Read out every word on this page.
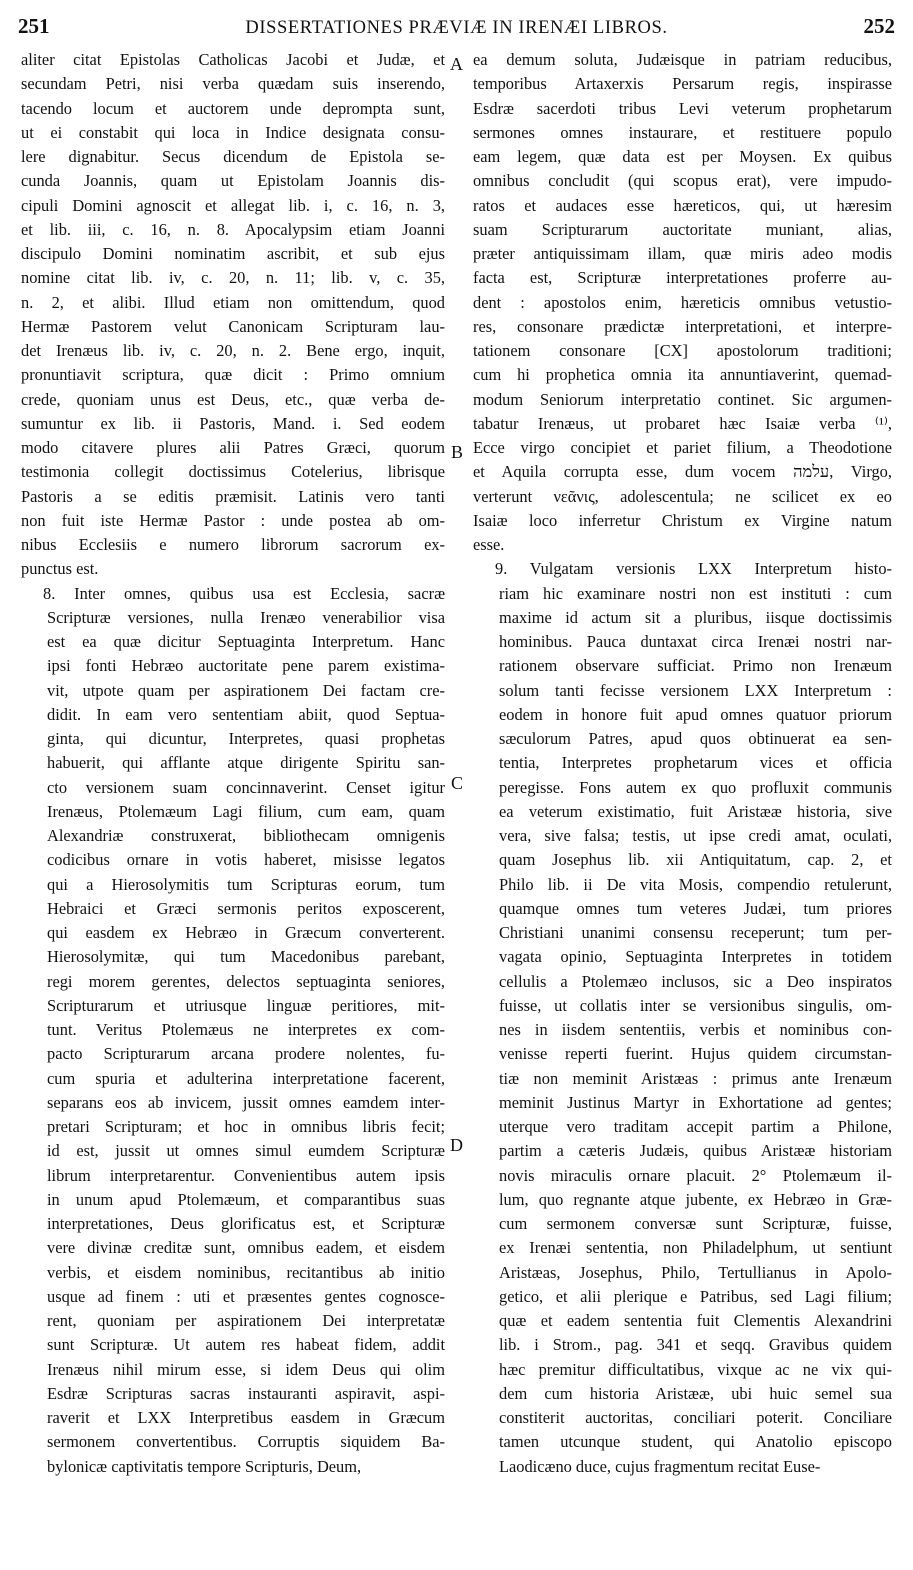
251	DISSERTATIONES PRÆVIÆ IN IRENÆI LIBROS.	252
A
B
C
D

aliter citat Epistolas Catholicas Jacobi et Judæ, et
secundam Petri, nisi verba quædam suis inserendo,
tacendo locum et auctorem unde deprompta sunt,
ut ei constabit qui loca in Indice designata consu-
lere dignabitur. Secus dicendum de Epistola se-
cunda Joannis, quam ut Epistolam Joannis dis-
cipuli Domini agnoscit et allegat lib. i, c. 16, n. 3,
et lib. iii, c. 16, n. 8. Apocalypsim etiam Joanni
discipulo Domini nominatim ascribit, et sub ejus
nomine citat lib. iv, c. 20, n. 11; lib. v, c. 35,
n. 2, et alibi. Illud etiam non omittendum, quod
Hermæ Pastorem velut Canonicam Scripturam lau-
det Irenæus lib. iv, c. 20, n. 2. Bene ergo, inquit,
pronuntiavit scriptura, quæ dicit : Primo omnium
crede, quoniam unus est Deus, etc., quæ verba de-
sumuntur ex lib. ii Pastoris, Mand. i. Sed eodem
modo citavere plures alii Patres Græci, quorum
testimonia collegit doctissimus Cotelerius, librisque
Pastoris a se editis præmisit. Latinis vero tanti
non fuit iste Hermæ Pastor : unde postea ab om-
nibus Ecclesiis e numero librorum sacrorum ex-
punctus est.

8. Inter omnes, quibus usa est Ecclesia, sacræ
Scripturæ versiones, nulla Irenæo venerabilior visa
est ea quæ dicitur Septuaginta Interpretum. Hanc
ipsi fonti Hebræo auctoritate pene parem existima-
vit, utpote quam per aspirationem Dei factam cre-
didit. In eam vero sententiam abiit, quod Septua-
ginta, qui dicuntur, Interpretes, quasi prophetas
habuerit, qui afflante atque dirigente Spiritu san-
cto versionem suam concinnaverint. Censet igitur
Irenæus, Ptolemæum Lagi filium, cum eam, quam
Alexandriæ construxerat, bibliothecam omnigenis
codicibus ornare in votis haberet, misisse legatos
qui a Hierosolymitis tum Scripturas eorum, tum
Hebraici et Græci sermonis peritos exposcerent,
qui easdem ex Hebræo in Græcum converterent.
Hierosolymitæ, qui tum Macedonibus parebant,
regi morem gerentes, delectos septuaginta seniores,
Scripturarum et utriusque linguæ peritiores, mit-
tunt. Veritus Ptolemæus ne interpretes ex com-
pacto Scripturarum arcana prodere nolentes, fu-
cum spuria et adulterina interpretatione facerent,
separans eos ab invicem, jussit omnes eamdem inter-
pretari Scripturam; et hoc in omnibus libris fecit;
id est, jussit ut omnes simul eumdem Scripturæ
librum interpretarentur. Convenientibus autem ipsis
in unum apud Ptolemæum, et comparantibus suas
interpretationes, Deus glorificatus est, et Scripturæ
vere divinæ creditæ sunt, omnibus eadem, et eisdem
verbis, et eisdem nominibus, recitantibus ab initio
usque ad finem : uti et præsentes gentes cognosce-
rent, quoniam per aspirationem Dei interpretatæ
sunt Scripturæ. Ut autem res habeat fidem, addit
Irenæus nihil mirum esse, si idem Deus qui olim
Esdræ Scripturas sacras instauranti aspiravit, aspi-
raverit et LXX Interpretibus easdem in Græcum
sermonem convertentibus. Corruptis siquidem Ba-
bylonicæ captivitatis tempore Scripturis, Deum,

ea demum soluta, Judæisque in patriam reducibus,
temporibus Artaxerxis Persarum regis, inspirasse
Esdræ sacerdoti tribus Levi veterum prophetarum
sermones omnes instaurare, et restituere populo
eam legem, quæ data est per Moysen. Ex quibus
omnibus concludit (qui scopus erat), vere impudo-
ratos et audaces esse hæreticos, qui, ut hæresim
suam Scripturarum auctoritate muniant, alias,
præter antiquissimam illam, quæ miris adeo modis
facta est, Scripturæ interpretationes proferre au-
dent : apostolos enim, hæreticis omnibus vetustio-
res, consonare prædictæ interpretationi, et interpre-
tationem consonare [CX] apostolorum traditioni;
cum hi prophetica omnia ita annuntiaverint, quemad-
modum Seniorum interpretatio continet. Sic argumen-
tabatur Irenæus, ut probaret hæc Isaiæ verba ⁽¹⁾,
Ecce virgo concipiet et pariet filium, a Theodotione
et Aquila corrupta esse, dum vocem עלמה, Virgo,
verterunt νεᾶνις, adolescentula; ne scilicet ex eo
Isaiæ loco inferretur Christum ex Virgine natum
esse.

9. Vulgatam versionis LXX Interpretum histo-
riam hic examinare nostri non est instituti : cum
maxime id actum sit a pluribus, iisque doctissimis
hominibus. Pauca duntaxat circa Irenæi nostri nar-
rationem observare sufficiat. Primo non Irenæum
solum tanti fecisse versionem LXX Interpretum :
eodem in honore fuit apud omnes quatuor priorum
sæculorum Patres, apud quos obtinuerat ea sen-
tentia, Interpretes prophetarum vices et officia
peregisse. Fons autem ex quo profluxit communis
ea veterum existimatio, fuit Aristææ historia, sive
vera, sive falsa; testis, ut ipse credi amat, oculati,
quam Josephus lib. xii Antiquitatum, cap. 2, et
Philo lib. ii De vita Mosis, compendio retulerunt,
quamque omnes tum veteres Judæi, tum priores
Christiani unanimi consensu receperunt; tum per-
vagata opinio, Septuaginta Interpretes in totidem
cellulis a Ptolemæo inclusos, sic a Deo inspiratos
fuisse, ut collatis inter se versionibus singulis, om-
nes in iisdem sententiis, verbis et nominibus con-
venisse reperti fuerint. Hujus quidem circumstan-
tiæ non meminit Aristæas : primus ante Irenæum
meminit Justinus Martyr in Exhortatione ad gentes;
uterque vero traditam accepit partim a Philone,
partim a cæteris Judæis, quibus Aristææ historiam
novis miraculis ornare placuit. 2° Ptolemæum il-
lum, quo regnante atque jubente, ex Hebræo in Græ-
cum sermonem conversæ sunt Scripturæ, fuisse,
ex Irenæi sententia, non Philadelphum, ut sentiunt
Aristæas, Josephus, Philo, Tertullianus in Apolo-
getico, et alii plerique e Patribus, sed Lagi filium;
quæ et eadem sententia fuit Clementis Alexandrini
lib. i Strom., pag. 341 et seqq. Gravibus quidem
hæc premitur difficultatibus, vixque ac ne vix qui-
dem cum historia Aristææ, ubi huic semel sua
constiterit auctoritas, conciliari poterit. Conciliare
tamen utcunque student, qui Anatolio episcopo
Laodicæno duce, cujus fragmentum recitat Euse-
